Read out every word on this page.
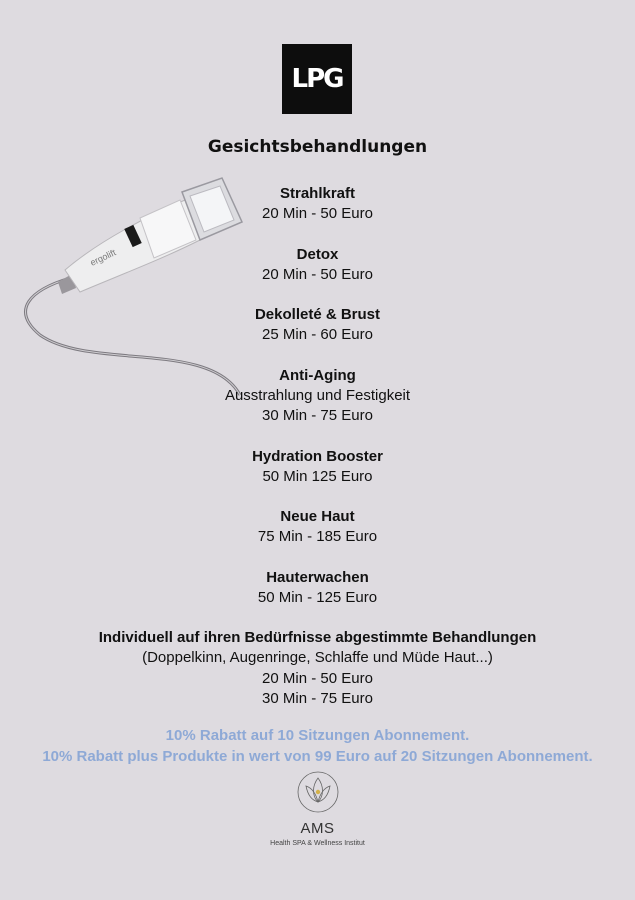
LPG
Gesichtsbehandlungen
ergolift
Strahlkraft
20 Min - 50 Euro
Detox
20 Min - 50 Euro
Dekolleté & Brust
25 Min - 60 Euro
Anti-Aging
Ausstrahlung und Festigkeit
30 Min - 75 Euro
Hydration Booster
50 Min 125 Euro
Neue Haut
75 Min - 185 Euro
Hauterwachen
50 Min - 125 Euro
Individuell auf ihren Bedürfnisse abgestimmte Behandlungen
(Doppelkinn, Augenringe, Schlaffe und Müde Haut...)
20 Min - 50 Euro
30 Min - 75 Euro
10% Rabatt auf 10 Sitzungen Abonnement.
10% Rabatt plus Produkte in wert von 99 Euro auf 20 Sitzungen Abonnement.
AMS
Health SPA & Wellness Institut
